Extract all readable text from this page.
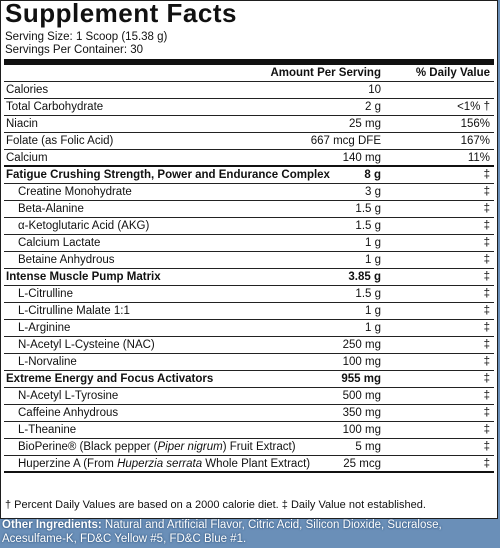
Supplement Facts
Serving Size: 1 Scoop (15.38 g)
Servings Per Container: 30
Amount Per Serving	% Daily Value
Calories	10
Total Carbohydrate	2 g	<1% †
Niacin	25 mg	156%
Folate (as Folic Acid)	667 mcg DFE	167%
Calcium	140 mg	11%
Fatigue Crushing Strength, Power and Endurance Complex	8 g	‡
Creatine Monohydrate	3 g	‡
Beta-Alanine	1.5 g	‡
α-Ketoglutaric Acid (AKG)	1.5 g	‡
Calcium Lactate	1 g	‡
Betaine Anhydrous	1 g	‡
Intense Muscle Pump Matrix	3.85 g	‡
L-Citrulline	1.5 g	‡
L-Citrulline Malate 1:1	1 g	‡
L-Arginine	1 g	‡
N-Acetyl L-Cysteine (NAC)	250 mg	‡
L-Norvaline	100 mg	‡
Extreme Energy and Focus Activators	955 mg	‡
N-Acetyl L-Tyrosine	500 mg	‡
Caffeine Anhydrous	350 mg	‡
L-Theanine	100 mg	‡
BioPerine® (Black pepper (Piper nigrum) Fruit Extract)	5 mg	‡
Huperzine A (From Huperzia serrata Whole Plant Extract)	25 mcg	‡
† Percent Daily Values are based on a 2000 calorie diet. ‡ Daily Value not established.
Other Ingredients: Natural and Artificial Flavor, Citric Acid, Silicon Dioxide, Sucralose, Acesulfame-K, FD&C Yellow #5, FD&C Blue #1.
